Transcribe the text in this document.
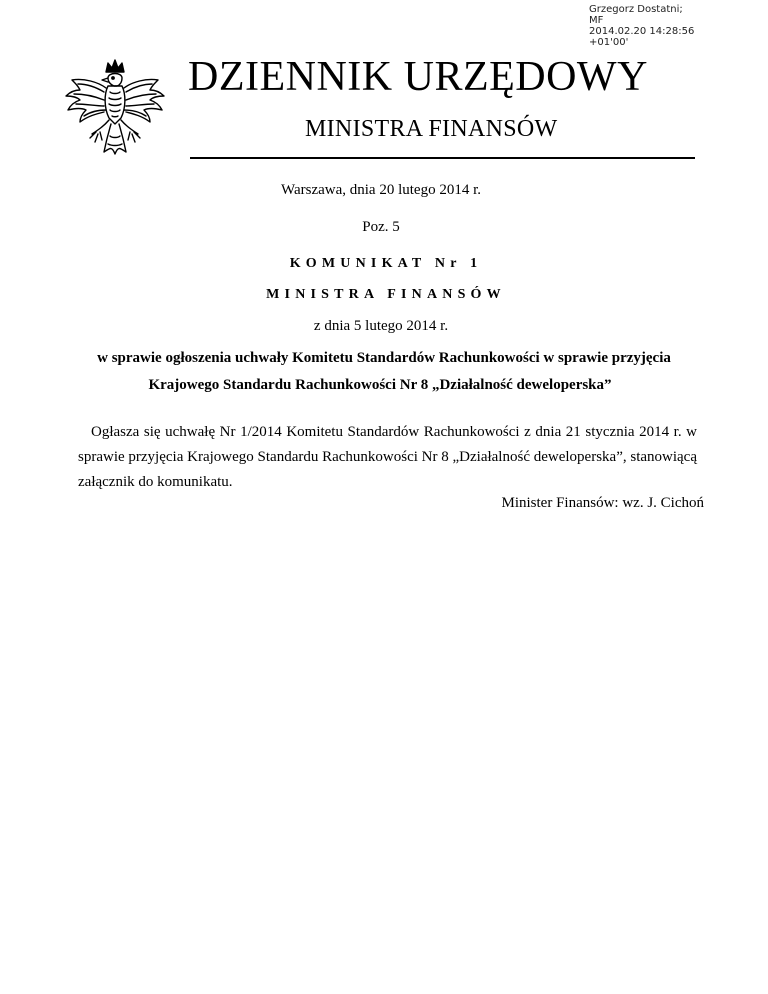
Grzegorz Dostatni;
MF
2014.02.20 14:28:56
+01'00'
DZIENNIK URZĘDOWY
MINISTRA FINANSÓW
Warszawa, dnia 20 lutego 2014 r.
Poz. 5
KOMUNIKAT Nr 1
MINISTRA FINANSÓW
z dnia 5 lutego 2014 r.
w sprawie ogłoszenia uchwały Komitetu Standardów Rachunkowości w sprawie przyjęcia
Krajowego Standardu Rachunkowości Nr 8 „Działalność deweloperska”
Ogłasza się uchwałę Nr 1/2014 Komitetu Standardów Rachunkowości z dnia 21 stycznia 2014 r. w sprawie przyjęcia Krajowego Standardu Rachunkowości Nr 8 „Działalność deweloperska”, stanowiącą załącznik do komunikatu.
Minister Finansów: wz. J. Cichoń
